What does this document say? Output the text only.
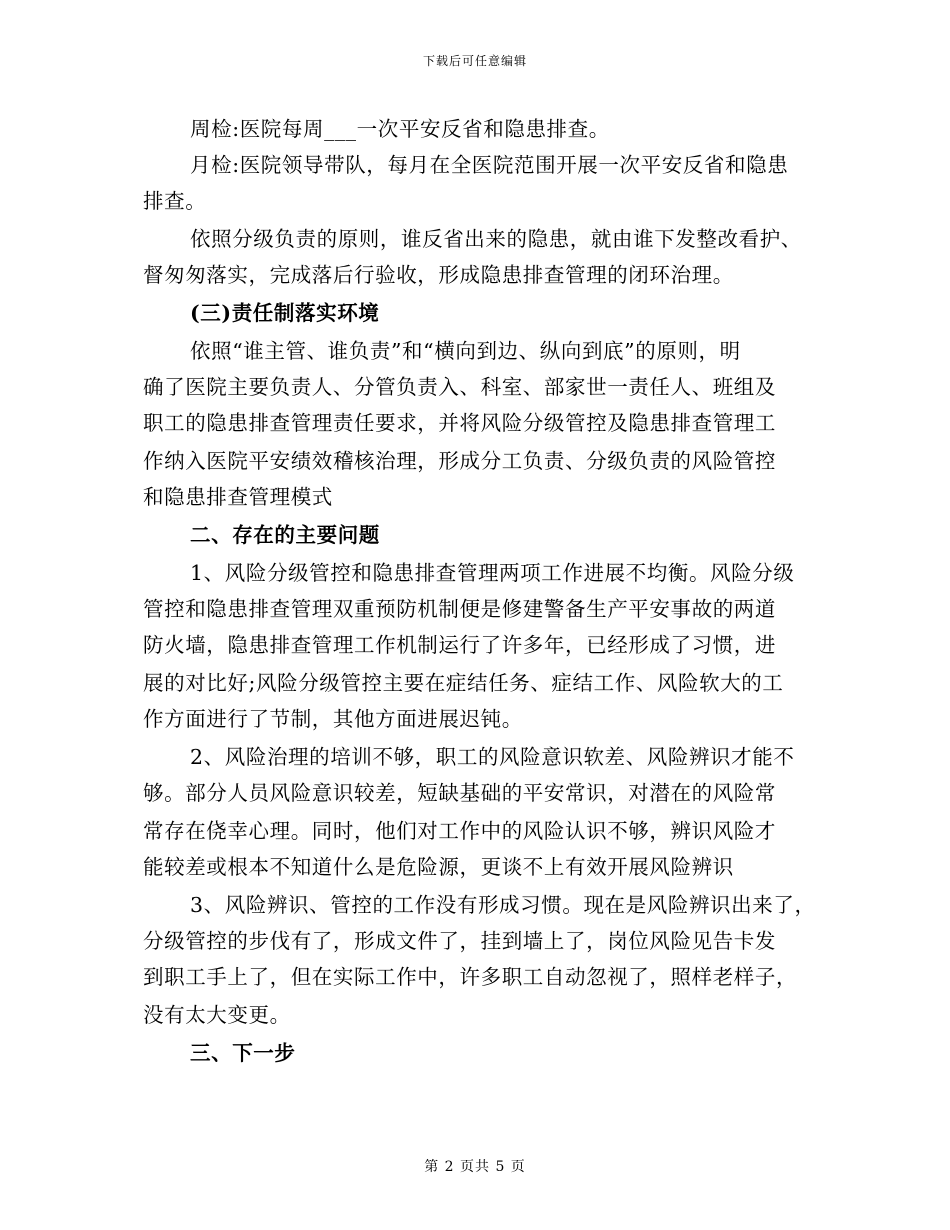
下载后可任意编辑
周检:医院每周___一次平安反省和隐患排查。
月检:医院领导带队，每月在全医院范围开展一次平安反省和隐患
排查。
依照分级负责的原则，谁反省出来的隐患，就由谁下发整改看护、
督匆匆落实，完成落后行验收，形成隐患排查管理的闭环治理。
(三)责任制落实环境
依照“谁主管、谁负责”和“横向到边、纵向到底”的原则，明
确了医院主要负责人、分管负责入、科室、部家世一责任人、班组及
职工的隐患排查管理责任要求，并将风险分级管控及隐患排查管理工
作纳入医院平安绩效稽核治理，形成分工负责、分级负责的风险管控
和隐患排查管理模式
二、存在的主要问题
1、风险分级管控和隐患排查管理两项工作进展不均衡。风险分级
管控和隐患排查管理双重预防机制便是修建警备生产平安事故的两道
防火墙，隐患排查管理工作机制运行了许多年，已经形成了习惯，进
展的对比好;风险分级管控主要在症结任务、症结工作、风险软大的工
作方面进行了节制，其他方面进展迟钝。
2、风险治理的培训不够，职工的风险意识软差、风险辨识才能不
够。部分人员风险意识较差，短缺基础的平安常识，对潜在的风险常
常存在侥幸心理。同时，他们对工作中的风险认识不够，辨识风险才
能较差或根本不知道什么是危险源，更谈不上有效开展风险辨识
3、风险辨识、管控的工作没有形成习惯。现在是风险辨识出来了，
分级管控的步伐有了，形成文件了，挂到墙上了，岗位风险见告卡发
到职工手上了，但在实际工作中，许多职工自动忽视了，照样老样子，
没有太大变更。
三、下一步
第 2 页共 5 页
